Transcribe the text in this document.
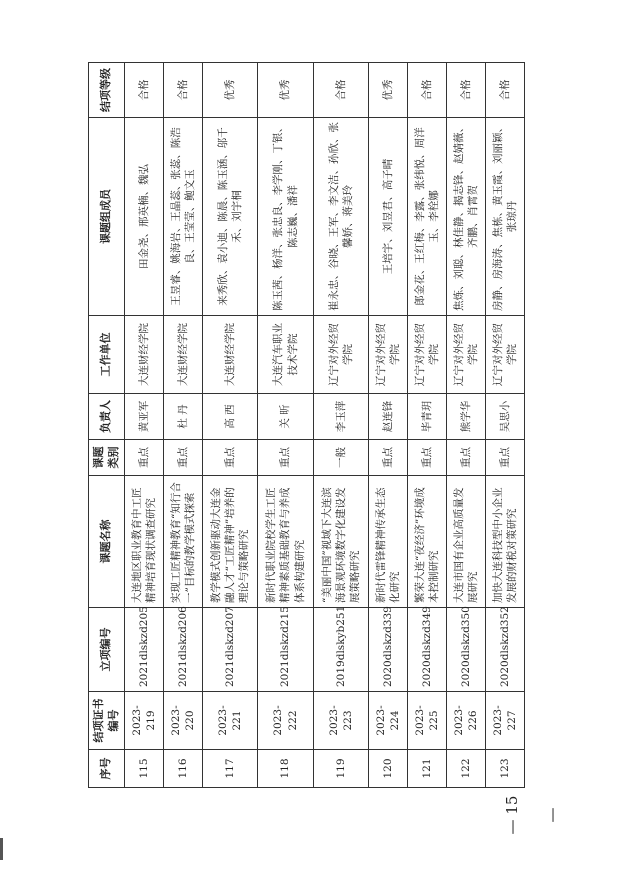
序号	结项证书编号	立项编号	课题名称	课题类别	负责人	工作单位	课题组成员	结项等级
115	2023-219	2021dlskzd205	大连地区职业教育中工匠精神培育现状调查研究	重点	黄亚军	大连财经学院	田金尧、邢英楠、魏弘	合格
116	2023-220	2021dlskzd206	实现工匠精神教育“知行合一”目标的教学模式探索	重点	杜 丹	大连财经学院	王昱睿、姚海岩、王晶蕊、张蕊、陈浩良、王莹莹、鲍文玉	合格
117	2023-221	2021dlskzd207	教学模式创新驱动大连金融人才“工匠精神”培养的理论与策略研究	重点	高 西	大连财经学院	来秀欣、袁小迪、陈晨、陈玉涵、邬千禾、刘宇桐	优秀
118	2023-222	2021dlskzd215	新时代职业院校学生工匠精神素质基础教育与养成体系构建研究	重点	关 昕	大连汽车职业技术学院	陈玉茜、杨洋、张忠良、李学刚、丁银、陈志巍、潘祥	优秀
119	2023-223	2019dlskyb251	“美丽中国”视域下大连滨海景观环境数字化建设发展策略研究	一般	李玉萍	辽宁对外经贸学院	崔永忠、谷晓、王军、李文洁、孙欣、张馨娇、蒋美玲	合格
120	2023-224	2020dlskzd339	新时代雷锋精神传承生态化研究	重点	赵连锋	辽宁对外经贸学院	王培宇、刘昱君、高子晴	优秀
121	2023-225	2020dlskzd349	繁荣大连“夜经济”环境成本控制研究	重点	毕青玥	辽宁对外经贸学院	郎金花、王红梅、李露、张纬悦、周洋玉、李栓娜	合格
122	2023-226	2020dlskzd350	大连市国有企业高质量发展研究	重点	熊学华	辽宁对外经贸学院	焦炼、刘聪、林佳静、揭志锋、赵婧薇、齐鹏、肖霄贺	合格
123	2023-227	2020dlskzd352	加快大连科技型中小企业发展的财税对策研究	重点	吴思小	辽宁对外经贸学院	房静、房海涛、焦栋、黄玉霞、刘丽颖、张琼丹	合格
— 15 —
